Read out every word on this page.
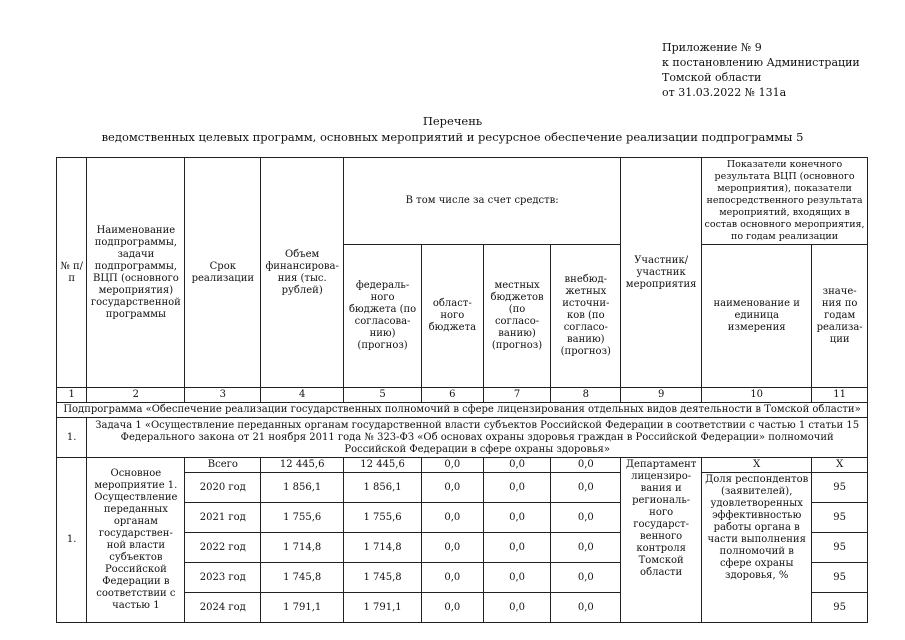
Приложение № 9
к постановлению Администрации
Томской области
от 31.03.2022 № 131а
Перечень
ведомственных целевых программ, основных мероприятий и ресурсное обеспечение реализации подпрограммы 5
№ п/п	Наименование подпрограммы, задачи подпрограммы, ВЦП (основного мероприятия) государственной программы	Срок реализации	Объем финансирова-ния (тыс. рублей)	В том числе за счет средств:				Участник/ участник мероприятия	Показатели конечного результата ВЦП (основного мероприятия), показатели непосредственного результата мероприятий, входящих в состав основного мероприятия, по годам реализации	
				федераль-ного бюджета (по согласова-нию) (прогноз)	област-ного бюджета	местных бюджетов (по согласо-ванию) (прогноз)	внебюд-жетных источни-ков (по согласо-ванию) (прогноз)		наименование и единица измерения	значе-ния по годам реализа-ции

1	2	3	4	5	6	7	8	9	10	11
Подпрограмма «Обеспечение реализации государственных полномочий в сфере лицензирования отдельных видов деятельности в Томской области»										
1.	Задача 1 «Осуществление переданных органам государственной власти субъектов Российской Федерации в соответствии с частью 1 статьи 15 Федерального закона от 21 ноября 2011 года № 323-ФЗ «Об основах охраны здоровья граждан в Российской Федерации» полномочий Российской Федерации в сфере охраны здоровья»									
1.	Основное мероприятие 1. Осуществление переданных органам государствен-ной власти субъектов Российской Федерации в соответствии с частью 1	Всего	12 445,6	12 445,6	0,0	0,0	0,0	Департамент лицензиро-вания и региональ-ного государст-венного контроля Томской области	Х	Х
		2020 год	1 856,1	1 856,1	0,0	0,0	0,0		Доля респондентов (заявителей), удовлетворенных эффективностью работы органа в части выполнения полномочий в сфере охраны здоровья, %	95
		2021 год	1 755,6	1 755,6	0,0	0,0	0,0			95
		2022 год	1 714,8	1 714,8	0,0	0,0	0,0			95
		2023 год	1 745,8	1 745,8	0,0	0,0	0,0			95
		2024 год	1 791,1	1 791,1	0,0	0,0	0,0			95
